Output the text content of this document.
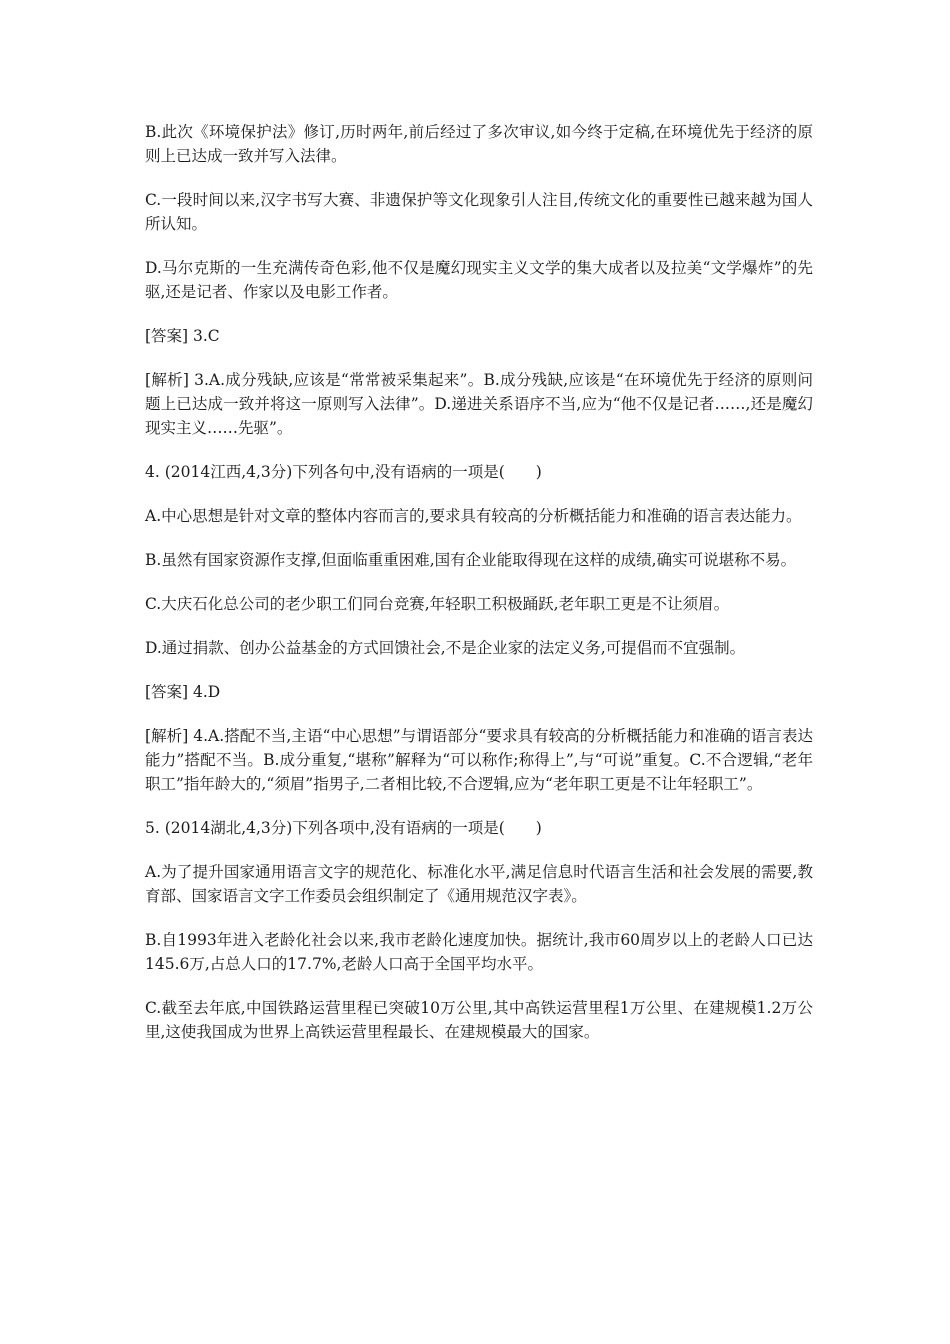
B.此次《环境保护法》修订,历时两年,前后经过了多次审议,如今终于定稿,在环境优先于经济的原则上已达成一致并写入法律。

C.一段时间以来,汉字书写大赛、非遗保护等文化现象引人注目,传统文化的重要性已越来越为国人所认知。

D.马尔克斯的一生充满传奇色彩,他不仅是魔幻现实主义文学的集大成者以及拉美“文学爆炸”的先驱,还是记者、作家以及电影工作者。

[答案] 3.C

[解析] 3.A.成分残缺,应该是“常常被采集起来”。B.成分残缺,应该是“在环境优先于经济的原则问题上已达成一致并将这一原则写入法律”。D.递进关系语序不当,应为“他不仅是记者……,还是魔幻现实主义……先驱”。

4. (2014江西,4,3分)下列各句中,没有语病的一项是(　　)

A.中心思想是针对文章的整体内容而言的,要求具有较高的分析概括能力和准确的语言表达能力。

B.虽然有国家资源作支撑,但面临重重困难,国有企业能取得现在这样的成绩,确实可说堪称不易。

C.大庆石化总公司的老少职工们同台竞赛,年轻职工积极踊跃,老年职工更是不让须眉。

D.通过捐款、创办公益基金的方式回馈社会,不是企业家的法定义务,可提倡而不宜强制。

[答案] 4.D

[解析] 4.A.搭配不当,主语“中心思想”与谓语部分“要求具有较高的分析概括能力和准确的语言表达能力”搭配不当。B.成分重复,“堪称”解释为“可以称作;称得上”,与“可说”重复。C.不合逻辑,“老年职工”指年龄大的,“须眉”指男子,二者相比较,不合逻辑,应为“老年职工更是不让年轻职工”。

5. (2014湖北,4,3分)下列各项中,没有语病的一项是(　　)

A.为了提升国家通用语言文字的规范化、标准化水平,满足信息时代语言生活和社会发展的需要,教育部、国家语言文字工作委员会组织制定了《通用规范汉字表》。

B.自1993年进入老龄化社会以来,我市老龄化速度加快。据统计,我市60周岁以上的老龄人口已达145.6万,占总人口的17.7%,老龄人口高于全国平均水平。

C.截至去年底,中国铁路运营里程已突破10万公里,其中高铁运营里程1万公里、在建规模1.2万公里,这使我国成为世界上高铁运营里程最长、在建规模最大的国家。
